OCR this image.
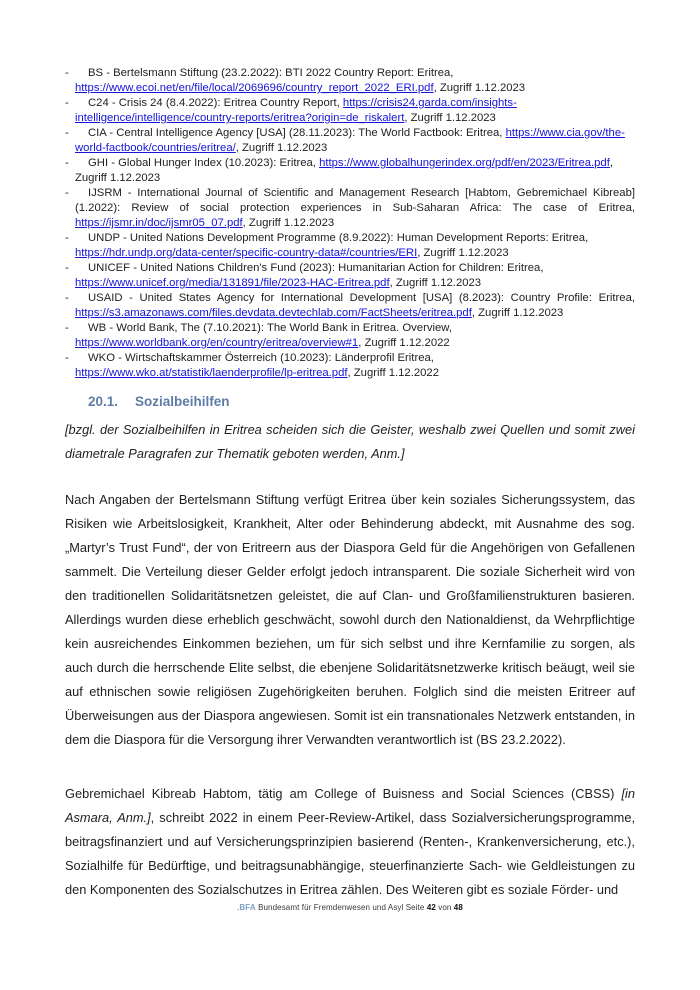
- BS - Bertelsmann Stiftung (23.2.2022): BTI 2022 Country Report: Eritrea, https://www.ecoi.net/en/file/local/2069696/country_report_2022_ERI.pdf, Zugriff 1.12.2023
- C24 - Crisis 24 (8.4.2022): Eritrea Country Report, https://crisis24.garda.com/insights-intelligence/intelligence/country-reports/eritrea?origin=de_riskalert, Zugriff 1.12.2023
- CIA - Central Intelligence Agency [USA] (28.11.2023): The World Factbook: Eritrea, https://www.cia.gov/the-world-factbook/countries/eritrea/, Zugriff 1.12.2023
- GHI - Global Hunger Index (10.2023): Eritrea, https://www.globalhungerindex.org/pdf/en/2023/Eritrea.pdf, Zugriff 1.12.2023
- IJSRM - International Journal of Scientific and Management Research [Habtom, Gebremichael Kibreab] (1.2022): Review of social protection experiences in Sub-Saharan Africa: The case of Eritrea, https://ijsmr.in/doc/ijsmr05_07.pdf, Zugriff 1.12.2023
- UNDP - United Nations Development Programme (8.9.2022): Human Development Reports: Eritrea, https://hdr.undp.org/data-center/specific-country-data#/countries/ERI, Zugriff 1.12.2023
- UNICEF - United Nations Children's Fund (2023): Humanitarian Action for Children: Eritrea, https://www.unicef.org/media/131891/file/2023-HAC-Eritrea.pdf, Zugriff 1.12.2023
- USAID - United States Agency for International Development [USA] (8.2023): Country Profile: Eritrea, https://s3.amazonaws.com/files.devdata.devtechlab.com/FactSheets/eritrea.pdf, Zugriff 1.12.2023
- WB - World Bank, The (7.10.2021): The World Bank in Eritrea. Overview, https://www.worldbank.org/en/country/eritrea/overview#1, Zugriff 1.12.2022
- WKO - Wirtschaftskammer Österreich (10.2023): Länderprofil Eritrea, https://www.wko.at/statistik/laenderprofile/lp-eritrea.pdf, Zugriff 1.12.2022
20.1. Sozialbeihilfen

[bzgl. der Sozialbeihilfen in Eritrea scheiden sich die Geister, weshalb zwei Quellen und somit zwei diametrale Paragrafen zur Thematik geboten werden, Anm.]

Nach Angaben der Bertelsmann Stiftung verfügt Eritrea über kein soziales Sicherungssystem, das Risiken wie Arbeitslosigkeit, Krankheit, Alter oder Behinderung abdeckt, mit Ausnahme des sog. „Martyr’s Trust Fund“, der von Eritreern aus der Diaspora Geld für die Angehörigen von Gefallenen sammelt. Die Verteilung dieser Gelder erfolgt jedoch intransparent. Die soziale Sicherheit wird von den traditionellen Solidaritätsnetzen geleistet, die auf Clan- und Großfamilienstrukturen basieren. Allerdings wurden diese erheblich geschwächt, sowohl durch den Nationaldienst, da Wehrpflichtige kein ausreichendes Einkommen beziehen, um für sich selbst und ihre Kernfamilie zu sorgen, als auch durch die herrschende Elite selbst, die ebenjene Solidaritätsnetzwerke kritisch beäugt, weil sie auf ethnischen sowie religiösen Zugehörigkeiten beruhen. Folglich sind die meisten Eritreer auf Überweisungen aus der Diaspora angewiesen. Somit ist ein transnationales Netzwerk entstanden, in dem die Diaspora für die Versorgung ihrer Verwandten verantwortlich ist (BS 23.2.2022).

Gebremichael Kibreab Habtom, tätig am College of Buisness and Social Sciences (CBSS) [in Asmara, Anm.], schreibt 2022 in einem Peer-Review-Artikel, dass Sozialversicherungsprogramme, beitragsfinanziert und auf Versicherungsprinzipien basierend (Renten-, Krankenversicherung, etc.), Sozialhilfe für Bedürftige, und beitragsunabhängige, steuerfinanzierte Sach- wie Geldleistungen zu den Komponenten des Sozialschutzes in Eritrea zählen. Des Weiteren gibt es soziale Förder- und

.BFA Bundesamt für Fremdenwesen und Asyl Seite 42 von 48
